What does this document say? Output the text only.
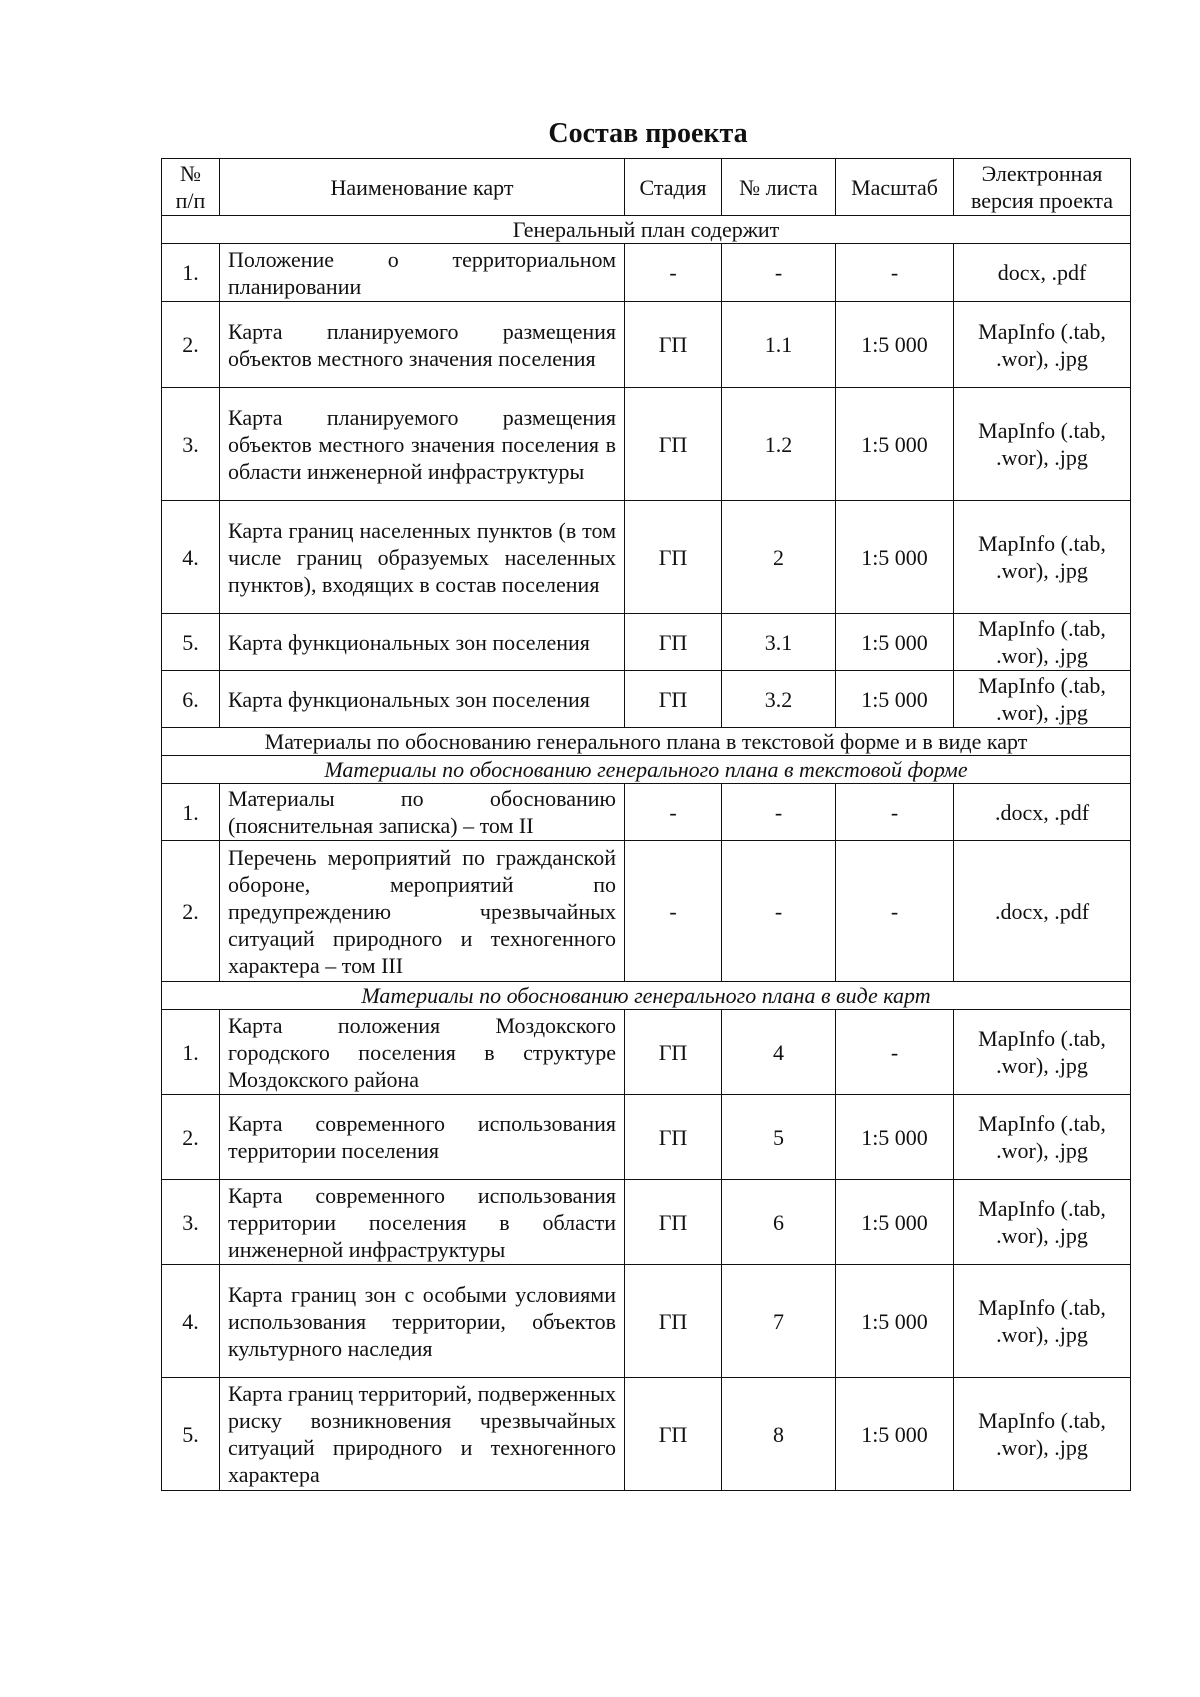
Состав проекта
№ п/п	Наименование карт	Стадия	№ листа	Масштаб	Электронная версия проекта
Генеральный план содержит					
1.	Положение о территориальном планировании	-	-	-	docx, .pdf
2.	Карта планируемого размещения объектов местного значения поселения	ГП	1.1	1:5 000	MapInfo (.tab, .wor), .jpg
3.	Карта планируемого размещения объектов местного значения поселения в области инженерной инфраструктуры	ГП	1.2	1:5 000	MapInfo (.tab, .wor), .jpg
4.	Карта границ населенных пунктов (в том числе границ образуемых населенных пунктов), входящих в состав поселения	ГП	2	1:5 000	MapInfo (.tab, .wor), .jpg
5.	Карта функциональных зон поселения	ГП	3.1	1:5 000	MapInfo (.tab, .wor), .jpg
6.	Карта функциональных зон поселения	ГП	3.2	1:5 000	MapInfo (.tab, .wor), .jpg
Материалы по обоснованию генерального плана в текстовой форме и в виде карт					
Материалы по обоснованию генерального плана в текстовой форме					
1.	Материалы по обоснованию (пояснительная записка) – том II	-	-	-	.docx, .pdf
2.	Перечень мероприятий по гражданской обороне, мероприятий по предупреждению чрезвычайных ситуаций природного и техногенного характера – том III	-	-	-	.docx, .pdf
Материалы по обоснованию генерального плана в виде карт					
1.	Карта положения Моздокского городского поселения в структуре Моздокского района	ГП	4	-	MapInfo (.tab, .wor), .jpg
2.	Карта современного использования территории поселения	ГП	5	1:5 000	MapInfo (.tab, .wor), .jpg
3.	Карта современного использования территории поселения в области инженерной инфраструктуры	ГП	6	1:5 000	MapInfo (.tab, .wor), .jpg
4.	Карта границ зон с особыми условиями использования территории, объектов культурного наследия	ГП	7	1:5 000	MapInfo (.tab, .wor), .jpg
5.	Карта границ территорий, подверженных риску возникновения чрезвычайных ситуаций природного и техногенного характера	ГП	8	1:5 000	MapInfo (.tab, .wor), .jpg
